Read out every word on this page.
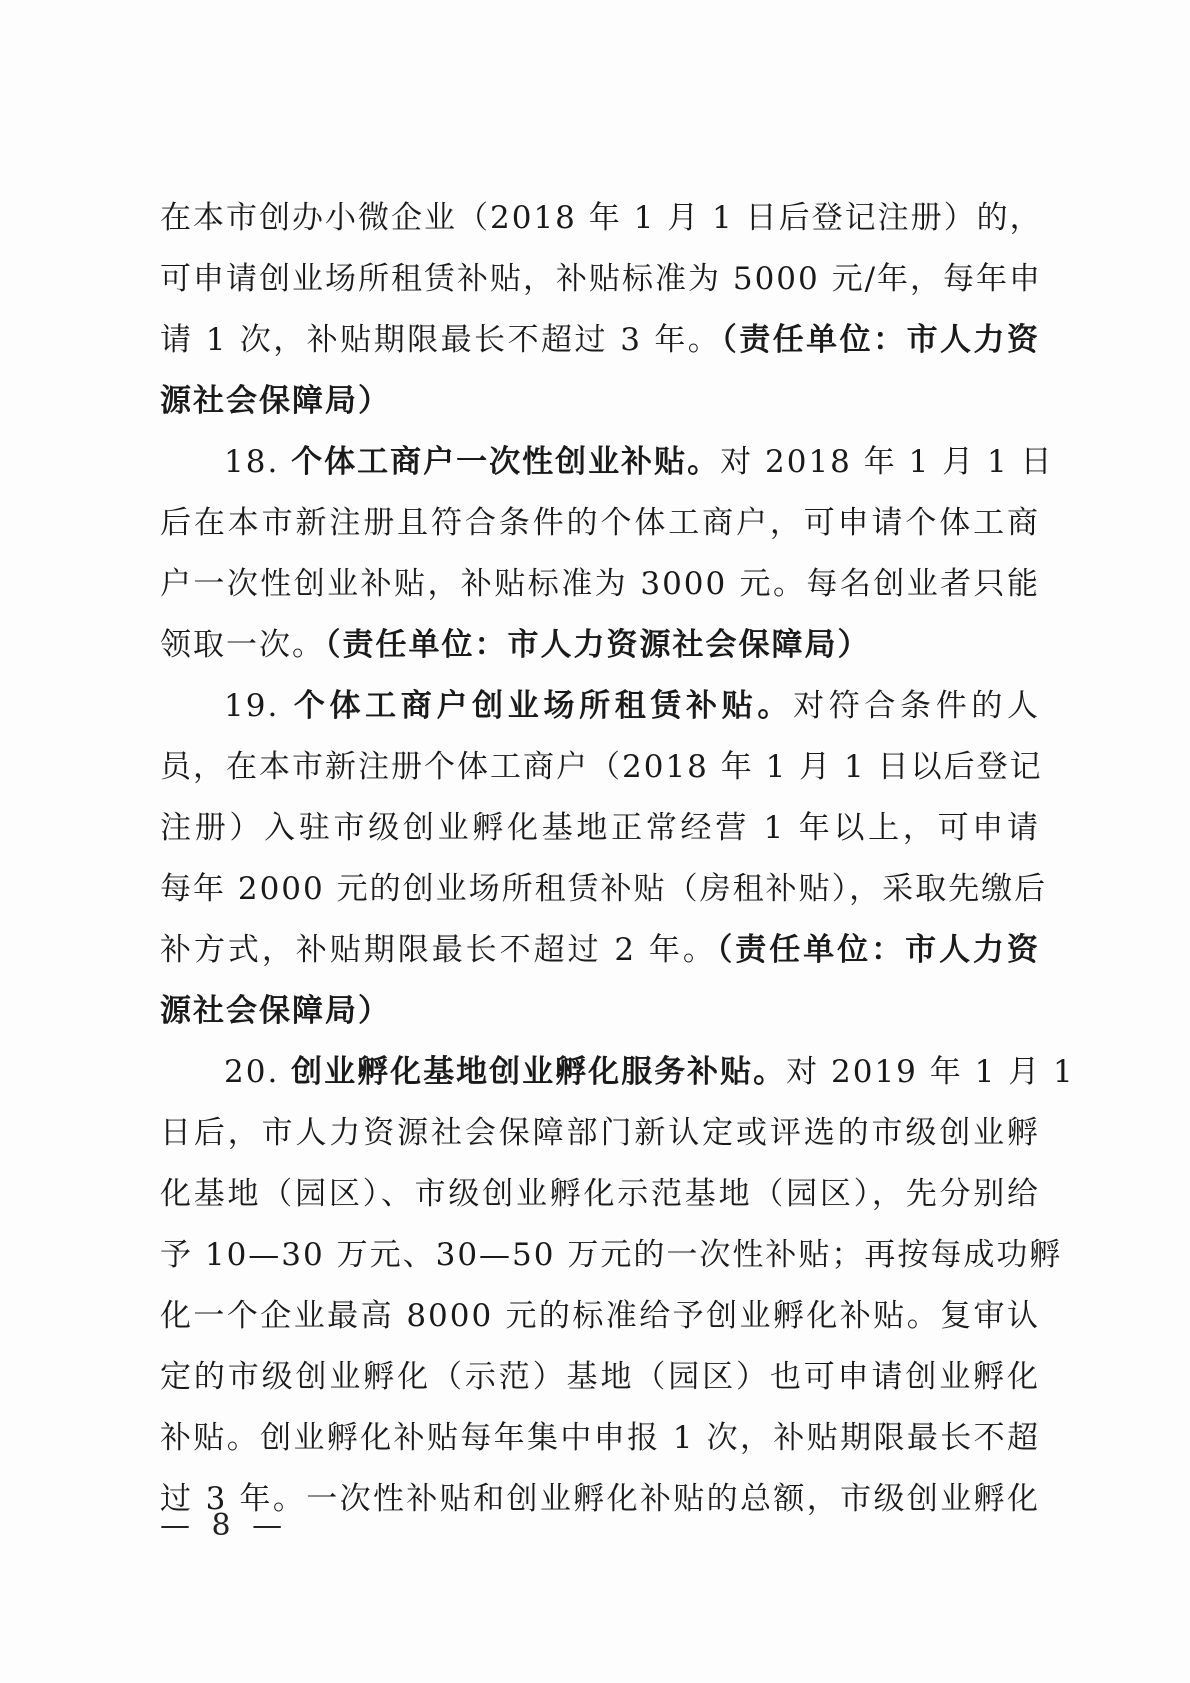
在本市创办小微企业（2018 年 1 月 1 日后登记注册）的，
可申请创业场所租赁补贴，补贴标准为 5000 元/年，每年申
请 1 次，补贴期限最长不超过 3 年。（责任单位：市人力资
源社会保障局）
18. 个体工商户一次性创业补贴。对 2018 年 1 月 1 日
后在本市新注册且符合条件的个体工商户，可申请个体工商
户一次性创业补贴，补贴标准为 3000 元。每名创业者只能
领取一次。（责任单位：市人力资源社会保障局）
19. 个体工商户创业场所租赁补贴。对符合条件的人
员，在本市新注册个体工商户（2018 年 1 月 1 日以后登记
注册）入驻市级创业孵化基地正常经营 1 年以上，可申请
每年 2000 元的创业场所租赁补贴（房租补贴），采取先缴后
补方式，补贴期限最长不超过 2 年。（责任单位：市人力资
源社会保障局）
20. 创业孵化基地创业孵化服务补贴。对 2019 年 1 月 1
日后，市人力资源社会保障部门新认定或评选的市级创业孵
化基地（园区）、市级创业孵化示范基地（园区），先分别给
予 10—30 万元、30—50 万元的一次性补贴；再按每成功孵
化一个企业最高 8000 元的标准给予创业孵化补贴。复审认
定的市级创业孵化（示范）基地（园区）也可申请创业孵化
补贴。创业孵化补贴每年集中申报 1 次，补贴期限最长不超
过 3 年。一次性补贴和创业孵化补贴的总额，市级创业孵化
— 8 —
